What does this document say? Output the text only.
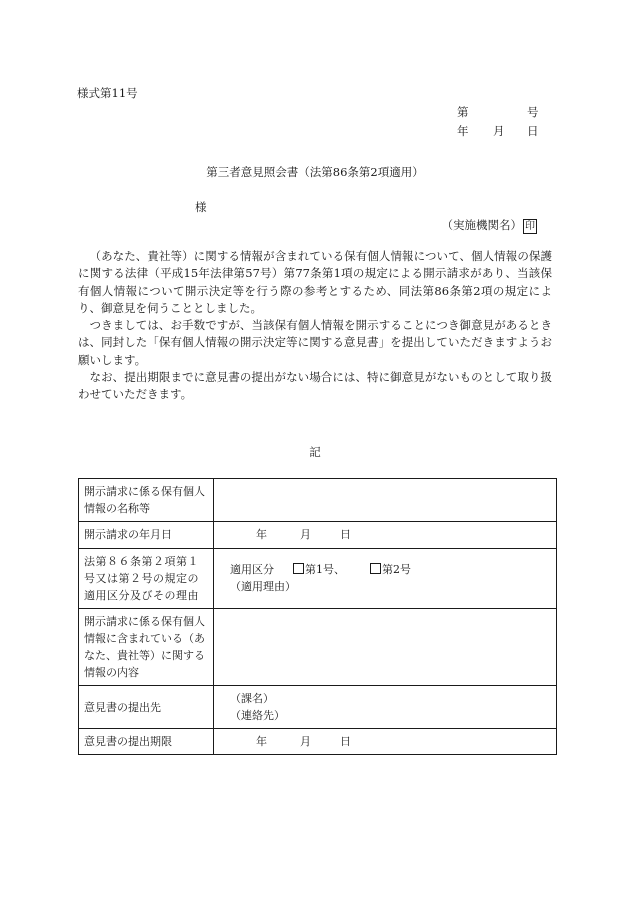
様式第11号
第	号
年 月 日
第三者意見照会書（法第86条第2項適用）
様
（実施機関名） 印

（あなた、貴社等）に関する情報が含まれている保有個人情報について、個人情報の保護に関する法律（平成15年法律第57号）第77条第1項の規定による開示請求があり、当該保有個人情報について開示決定等を行う際の参考とするため、同法第86条第2項の規定により、御意見を伺うこととしました。

つきましては、お手数ですが、当該保有個人情報を開示することにつき御意見があるときは、同封した「保有個人情報の開示決定等に関する意見書」を提出していただきますようお願いします。

なお、提出期限までに意見書の提出がない場合には、特に御意見がないものとして取り扱わせていただきます。

記
開示請求に係る保有個人情報の名称等	
開示請求の年月日	年 月 日
法第８６条第２項第１号又は第２号の規定の適用区分及びその理由	適用区分 第1号、 第2号
（適用理由）

開示請求に係る保有個人情報に含まれている（あなた、貴社等）に関する情報の内容	
意見書の提出先	（課名）
（連絡先）

意見書の提出期限	年 月 日
